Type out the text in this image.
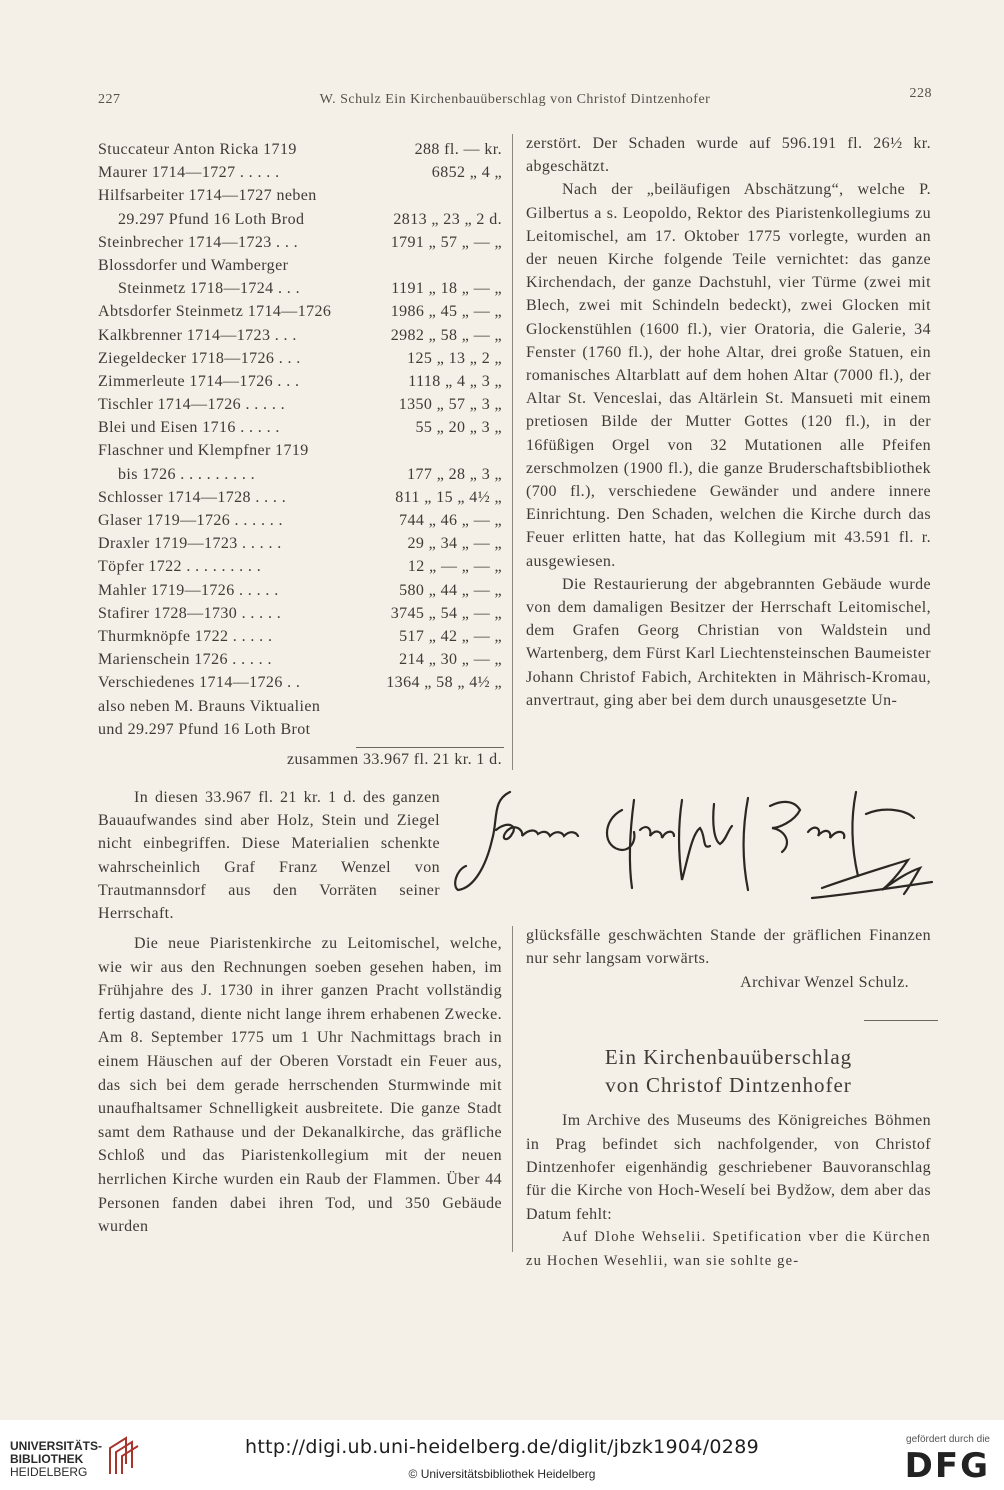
227	W. Schulz Ein Kirchenbauüberschlag von Christof Dintzenhofer	228
Stuccateur Anton Ricka 1719	288 fl. — kr.
Maurer 1714—1727 . . . . .	6852 „ 4 „
Hilfsarbeiter 1714—1727 neben
29.297 Pfund 16 Loth Brod	2813 „ 23 „ 2 d.
Steinbrecher 1714—1723 . . .	1791 „ 57 „ — „
Blossdorfer und Wamberger
Steinmetz 1718—1724 . . .	1191 „ 18 „ — „
Abtsdorfer Steinmetz 1714—1726	1986 „ 45 „ — „
Kalkbrenner 1714—1723 . . .	2982 „ 58 „ — „
Ziegeldecker 1718—1726 . . .	125 „ 13 „ 2 „
Zimmerleute 1714—1726 . . .	1118 „ 4 „ 3 „
Tischler 1714—1726 . . . . .	1350 „ 57 „ 3 „
Blei und Eisen 1716 . . . . .	55 „ 20 „ 3 „
Flaschner und Klempfner 1719
bis 1726 . . . . . . . . .	177 „ 28 „ 3 „
Schlosser 1714—1728 . . . .	811 „ 15 „ 4½ „
Glaser 1719—1726 . . . . . .	744 „ 46 „ — „
Draxler 1719—1723 . . . . .	29 „ 34 „ — „
Töpfer 1722 . . . . . . . . .	12 „ — „ — „
Mahler 1719—1726 . . . . .	580 „ 44 „ — „
Stafirer 1728—1730 . . . . .	3745 „ 54 „ — „
Thurmknöpfe 1722 . . . . .	517 „ 42 „ — „
Marienschein 1726 . . . . .	214 „ 30 „ — „
Verschiedenes 1714—1726 . .	1364 „ 58 „ 4½ „
also neben M. Brauns Viktualien
und 29.297 Pfund 16 Loth Brot
zusammen 33.967 fl. 21 kr. 1 d.

In diesen 33.967 fl. 21 kr. 1 d. des ganzen Bauaufwandes sind aber Holz, Stein und Ziegel nicht einbegriffen. Diese Materialien schenkte wahrscheinlich Graf Franz Wenzel von Trautmannsdorf aus den Vorräten seiner Herrschaft.

Die neue Piaristenkirche zu Leitomischel, welche, wie wir aus den Rechnungen soeben gesehen haben, im Frühjahre des J. 1730 in ihrer ganzen Pracht vollständig fertig dastand, diente nicht lange ihrem erhabenen Zwecke. Am 8. September 1775 um 1 Uhr Nachmittags brach in einem Häuschen auf der Oberen Vorstadt ein Feuer aus, das sich bei dem gerade herrschenden Sturmwinde mit unaufhaltsamer Schnelligkeit ausbreitete. Die ganze Stadt samt dem Rathause und der Dekanalkirche, das gräfliche Schloß und das Piaristenkollegium mit der neuen herrlichen Kirche wurden ein Raub der Flammen. Über 44 Personen fanden dabei ihren Tod, und 350 Gebäude wurden

zerstört. Der Schaden wurde auf 596.191 fl. 26½ kr. abgeschätzt.

Nach der „beiläufigen Abschätzung“, welche P. Gilbertus a s. Leopoldo, Rektor des Piaristenkollegiums zu Leitomischel, am 17. Oktober 1775 vorlegte, wurden an der neuen Kirche folgende Teile vernichtet: das ganze Kirchendach, der ganze Dachstuhl, vier Türme (zwei mit Blech, zwei mit Schindeln bedeckt), zwei Glocken mit Glockenstühlen (1600 fl.), vier Oratoria, die Galerie, 34 Fenster (1760 fl.), der hohe Altar, drei große Statuen, ein romanisches Altarblatt auf dem hohen Altar (7000 fl.), der Altar St. Venceslai, das Altärlein St. Mansueti mit einem pretiosen Bilde der Mutter Gottes (120 fl.), in der 16füßigen Orgel von 32 Mutationen alle Pfeifen zerschmolzen (1900 fl.), die ganze Bruderschaftsbibliothek (700 fl.), verschiedene Gewänder und andere innere Einrichtung. Den Schaden, welchen die Kirche durch das Feuer erlitten hatte, hat das Kollegium mit 43.591 fl. r. ausgewiesen.

Die Restaurierung der abgebrannten Gebäude wurde von dem damaligen Besitzer der Herrschaft Leitomischel, dem Grafen Georg Christian von Waldstein und Wartenberg, dem Fürst Karl Liechtensteinschen Baumeister Johann Christof Fabich, Architekten in Mährisch-Kromau, anvertraut, ging aber bei dem durch unausgesetzte Un-

glücksfälle geschwächten Stande der gräflichen Finanzen nur sehr langsam vorwärts.

Archivar Wenzel Schulz.

Ein Kirchenbauüberschlag
von Christof Dintzenhofer

Im Archive des Museums des Königreiches Böhmen in Prag befindet sich nachfolgender, von Christof Dintzenhofer eigenhändig geschriebener Bauvoranschlag für die Kirche von Hoch-Weselí bei Bydžow, dem aber das Datum fehlt:

Auf Dlohe Wehselii. Spetification vber die Kürchen zu Hochen Wesehlii, wan sie sohlte ge-

UNIVERSITÄTS-
BIBLIOTHEK
HEIDELBERG
http://digi.ub.uni-heidelberg.de/diglit/jbzk1904/0289
© Universitätsbibliothek Heidelberg
gefördert durch die
DFG
